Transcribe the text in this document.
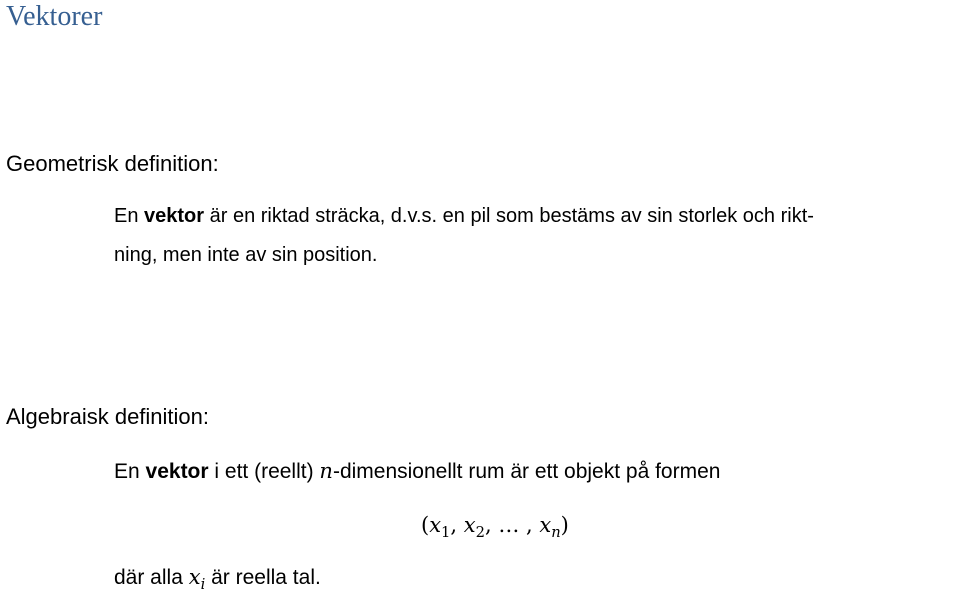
Vektorer
Geometrisk definition:
En vektor är en riktad sträcka, d.v.s. en pil som bestäms av sin storlek och rikt-
ning, men inte av sin position.
Algebraisk definition:
En vektor i ett (reellt) n-dimensionellt rum är ett objekt på formen
($x_1$, $x_2$, … , $x_n$)
där alla $x_i$ är reella tal.
